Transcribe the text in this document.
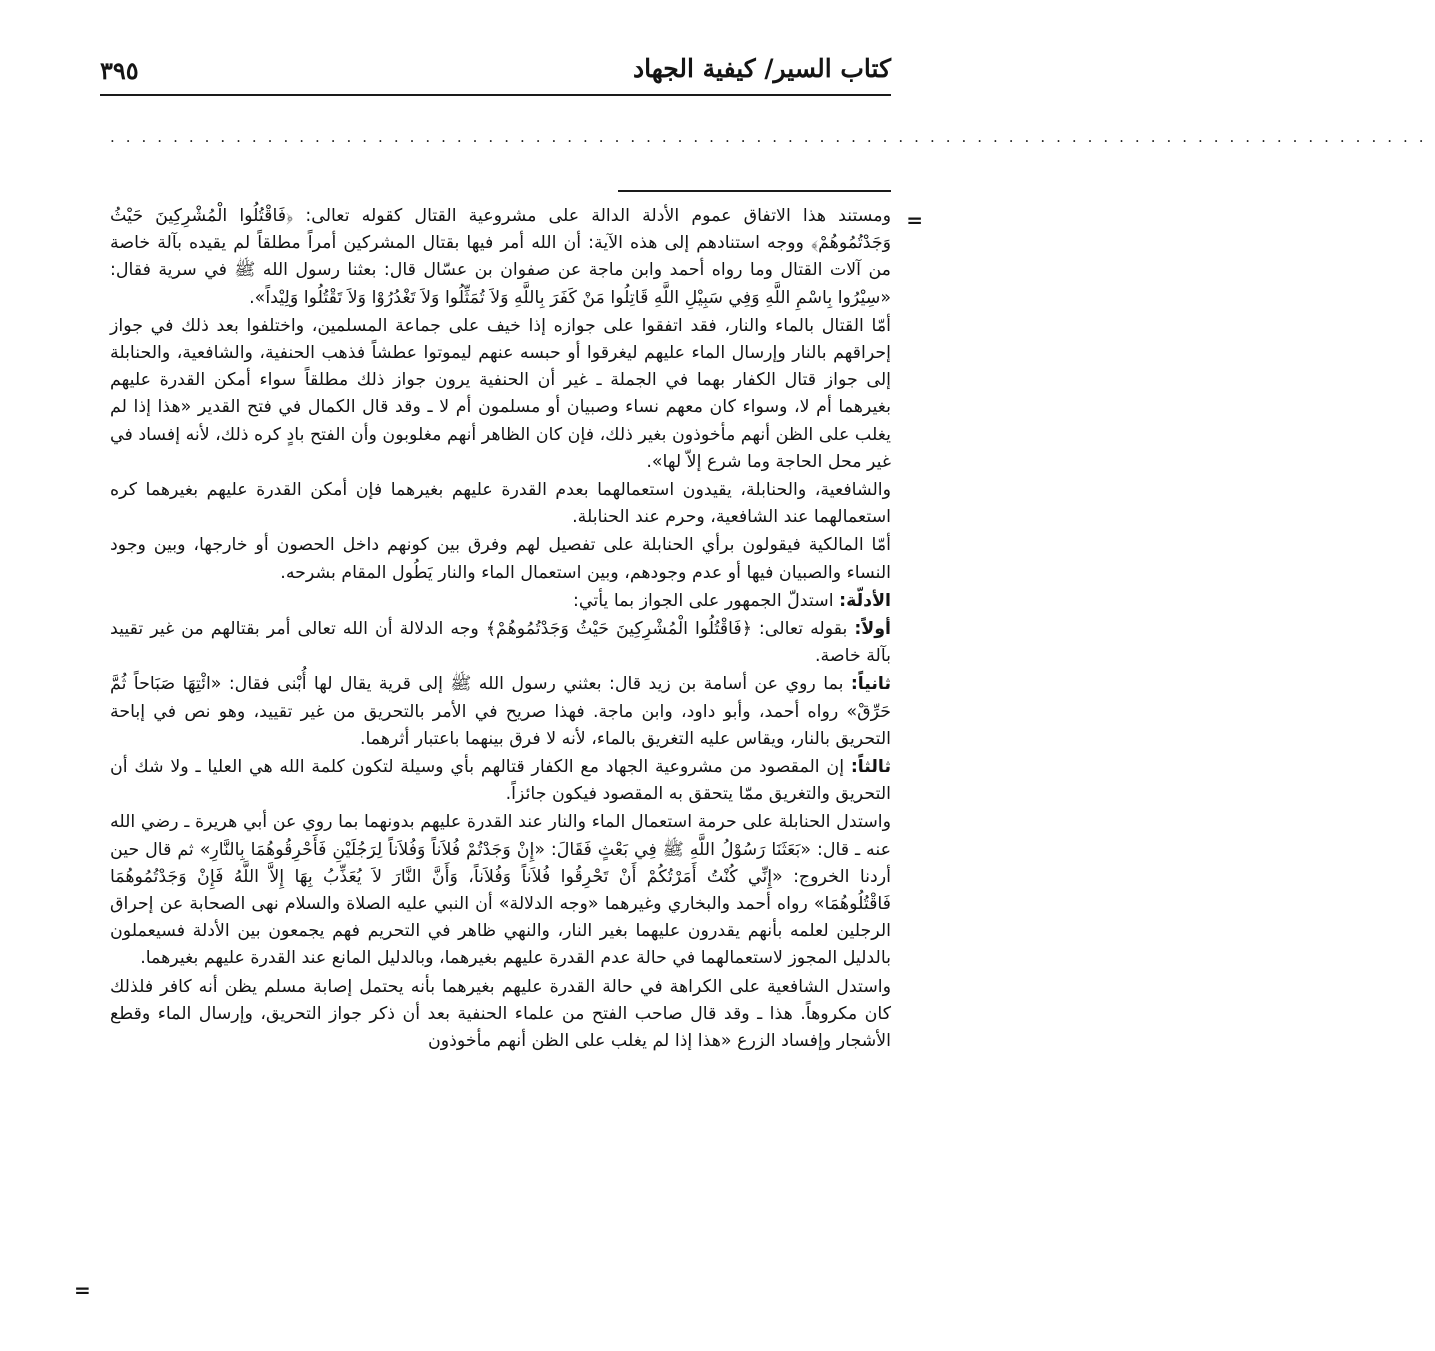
كتاب السير/ كيفية الجهاد
٣٩٥
....................................................................................
=

ومستند هذا الاتفاق عموم الأدلة الدالة على مشروعية القتال كقوله تعالى: ﴿فَاقْتُلُوا الْمُشْرِكِينَ حَيْثُ وَجَدْتُمُوهُمْ﴾ ووجه استنادهم إلى هذه الآية: أن الله أمر فيها بقتال المشركين أمراً مطلقاً لم يقيده بآلة خاصة من آلات القتال وما رواه أحمد وابن ماجة عن صفوان بن عسّال قال: بعثنا رسول الله ﷺ في سرية فقال: «سِيْرُوا بِاسْمِ اللَّهِ وَفِي سَبِيْلِ اللَّهِ قَاتِلُوا مَنْ كَفَرَ بِاللَّهِ وَلاَ تُمَثِّلُوا وَلاَ تَغْدُرُوْا وَلاَ تَقْتُلُوا وَلِيْداً».

أمّا القتال بالماء والنار، فقد اتفقوا على جوازه إذا خيف على جماعة المسلمين، واختلفوا بعد ذلك في جواز إحراقهم بالنار وإرسال الماء عليهم ليغرقوا أو حبسه عنهم ليموتوا عطشاً فذهب الحنفية، والشافعية، والحنابلة إلى جواز قتال الكفار بهما في الجملة ـ غير أن الحنفية يرون جواز ذلك مطلقاً سواء أمكن القدرة عليهم بغيرهما أم لا، وسواء كان معهم نساء وصبيان أو مسلمون أم لا ـ وقد قال الكمال في فتح القدير «هذا إذا لم يغلب على الظن أنهم مأخوذون بغير ذلك، فإن كان الظاهر أنهم مغلوبون وأن الفتح بادٍ كره ذلك، لأنه إفساد في غير محل الحاجة وما شرع إلاّ لها».

والشافعية، والحنابلة، يقيدون استعمالهما بعدم القدرة عليهم بغيرهما فإن أمكن القدرة عليهم بغيرهما كره استعمالهما عند الشافعية، وحرم عند الحنابلة.

أمّا المالكية فيقولون برأي الحنابلة على تفصيل لهم وفرق بين كونهم داخل الحصون أو خارجها، وبين وجود النساء والصبيان فيها أو عدم وجودهم، وبين استعمال الماء والنار يَطُول المقام بشرحه.

الأدلّة: استدلّ الجمهور على الجواز بما يأتي:

أولاً: بقوله تعالى: ﴿فَاقْتُلُوا الْمُشْرِكِينَ حَيْثُ وَجَدْتُمُوهُمْ﴾ وجه الدلالة أن الله تعالى أمر بقتالهم من غير تقييد بآلة خاصة.

ثانياً: بما روي عن أسامة بن زيد قال: بعثني رسول الله ﷺ إلى قرية يقال لها أُبْنى فقال: «ائْتِهَا صَبَاحاً ثُمَّ حَرِّقْ» رواه أحمد، وأبو داود، وابن ماجة. فهذا صريح في الأمر بالتحريق من غير تقييد، وهو نص في إباحة التحريق بالنار، ويقاس عليه التغريق بالماء، لأنه لا فرق بينهما باعتبار أثرهما.

ثالثاً: إن المقصود من مشروعية الجهاد مع الكفار قتالهم بأي وسيلة لتكون كلمة الله هي العليا ـ ولا شك أن التحريق والتغريق ممّا يتحقق به المقصود فيكون جائزاً.

واستدل الحنابلة على حرمة استعمال الماء والنار عند القدرة عليهم بدونهما بما روي عن أبي هريرة ـ رضي الله عنه ـ قال: «بَعَثَنَا رَسُوْلُ اللَّهِ ﷺ فِي بَعْثٍ فَقَالَ: «إِنْ وَجَدْتُمْ فُلاَناً وَفُلاَناً لِرَجُلَيْنِ فَأَحْرِقُوهُمَا بِالنَّارِ» ثم قال حين أردنا الخروج: «إِنِّي كُنْتُ أَمَرْتُكُمْ أَنْ تَحْرِقُوا فُلاَناً وَفُلاَناً، وَأَنَّ النَّارَ لاَ يُعَذِّبُ بِهَا إِلاَّ اللَّهُ فَإِنْ وَجَدْتُمُوهُمَا فَاقْتُلُوهُمَا» رواه أحمد والبخاري وغيرهما «وجه الدلالة» أن النبي عليه الصلاة والسلام نهى الصحابة عن إحراق الرجلين لعلمه بأنهم يقدرون عليهما بغير النار، والنهي ظاهر في التحريم فهم يجمعون بين الأدلة فسيعملون بالدليل المجوز لاستعمالهما في حالة عدم القدرة عليهم بغيرهما، وبالدليل المانع عند القدرة عليهم بغيرهما.

واستدل الشافعية على الكراهة في حالة القدرة عليهم بغيرهما بأنه يحتمل إصابة مسلم يظن أنه كافر فلذلك كان مكروهاً. هذا ـ وقد قال صاحب الفتح من علماء الحنفية بعد أن ذكر جواز التحريق، وإرسال الماء وقطع الأشجار وإفساد الزرع «هذا إذا لم يغلب على الظن أنهم مأخوذون

=
